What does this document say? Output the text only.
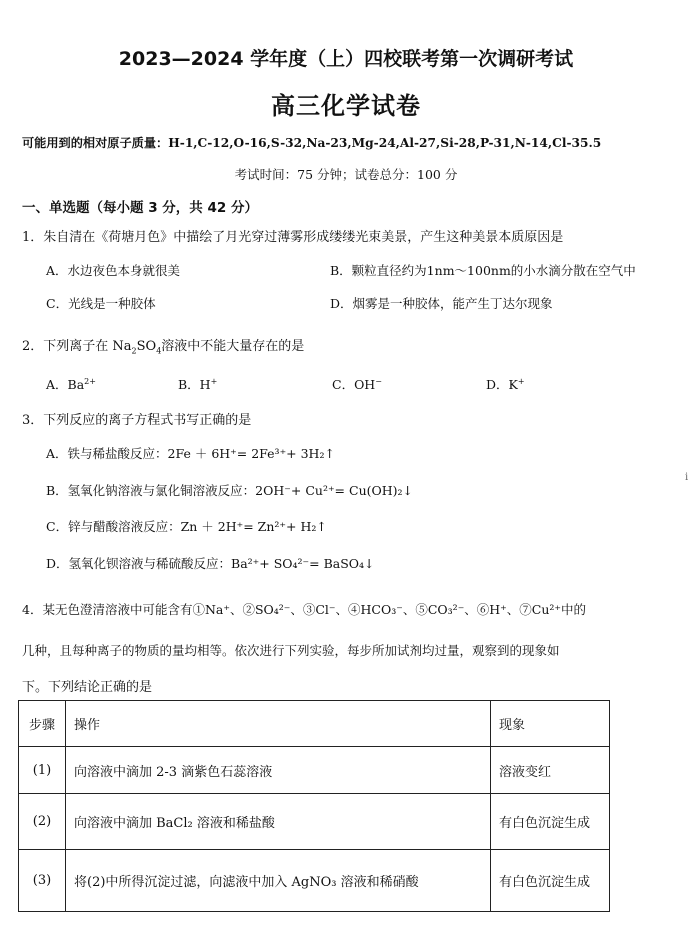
2023—2024 学年度（上）四校联考第一次调研考试
高三化学试卷
可能用到的相对原子质量：H-1,C-12,O-16,S-32,Na-23,Mg-24,Al-27,Si-28,P-31,N-14,Cl-35.5
考试时间：75 分钟；试卷总分：100 分
一、单选题（每小题 3 分，共 42 分）
1．朱自清在《荷塘月色》中描绘了月光穿过薄雾形成缕缕光束美景，产生这种美景本质原因是
A．水边夜色本身就很美	B．颗粒直径约为1nm～100nm的小水滴分散在空气中
C．光线是一种胶体	D．烟雾是一种胶体，能产生丁达尔现象
2．下列离子在 $Na_2SO_4$溶液中不能大量存在的是
A．$Ba^{2+}$	B．H+	C．OH−	D．K+
3．下列反应的离子方程式书写正确的是
A．铁与稀盐酸反应：2Fe ＋ 6H⁺= 2Fe³⁺+ 3H₂↑
B．氢氧化钠溶液与氯化铜溶液反应：2OH⁻+ Cu²⁺= Cu(OH)₂↓
C．锌与醋酸溶液反应：Zn ＋ 2H⁺= Zn²⁺+ H₂↑
D．氢氧化钡溶液与稀硫酸反应：Ba²⁺+ SO₄²⁻= BaSO₄↓
4．某无色澄清溶液中可能含有①Na⁺、②SO₄²⁻、③Cl⁻、④HCO₃⁻、⑤CO₃²⁻、⑥H⁺、⑦Cu²⁺中的
几种，且每种离子的物质的量均相等。依次进行下列实验，每步所加试剂均过量，观察到的现象如
下。下列结论正确的是
步骤	操作	现象
(1)	向溶液中滴加 2-3 滴紫色石蕊溶液	溶液变红
(2)	向溶液中滴加 BaCl₂ 溶液和稀盐酸	有白色沉淀生成
(3)	将(2)中所得沉淀过滤，向滤液中加入 AgNO₃ 溶液和稀硝酸	有白色沉淀生成
ⅰ
